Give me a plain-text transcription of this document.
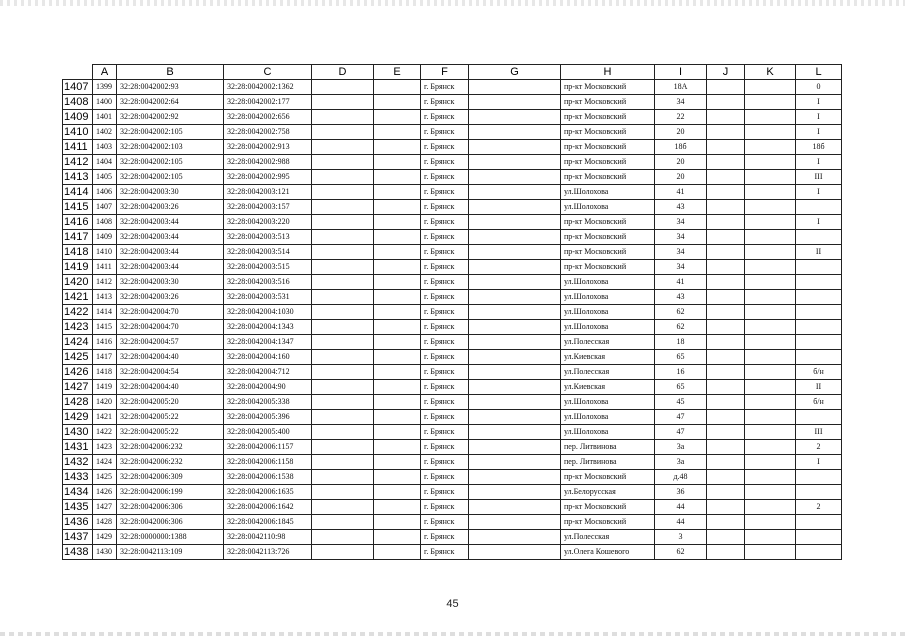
	A	B	C	D	E	F	G	H	I	J	K	L
1407	1399	32:28:0042002:93	32:28:0042002:1362			г. Брянск		пр-кт Московский	18А			0
1408	1400	32:28:0042002:64	32:28:0042002:177			г. Брянск		пр-кт Московский	34			I
1409	1401	32:28:0042002:92	32:28:0042002:656			г. Брянск		пр-кт Московский	22			I
1410	1402	32:28:0042002:105	32:28:0042002:758			г. Брянск		пр-кт Московский	20			I
1411	1403	32:28:0042002:103	32:28:0042002:913			г. Брянск		пр-кт Московский	18б			18б
1412	1404	32:28:0042002:105	32:28:0042002:988			г. Брянск		пр-кт Московский	20			I
1413	1405	32:28:0042002:105	32:28:0042002:995			г. Брянск		пр-кт Московский	20			III
1414	1406	32:28:0042003:30	32:28:0042003:121			г. Брянск		ул.Шолохова	41			I
1415	1407	32:28:0042003:26	32:28:0042003:157			г. Брянск		ул.Шолохова	43			
1416	1408	32:28:0042003:44	32:28:0042003:220			г. Брянск		пр-кт Московский	34			I
1417	1409	32:28:0042003:44	32:28:0042003:513			г. Брянск		пр-кт Московский	34			
1418	1410	32:28:0042003:44	32:28:0042003:514			г. Брянск		пр-кт Московский	34			II
1419	1411	32:28:0042003:44	32:28:0042003:515			г. Брянск		пр-кт Московский	34			
1420	1412	32:28:0042003:30	32:28:0042003:516			г. Брянск		ул.Шолохова	41			
1421	1413	32:28:0042003:26	32:28:0042003:531			г. Брянск		ул.Шолохова	43			
1422	1414	32:28:0042004:70	32:28:0042004:1030			г. Брянск		ул.Шолохова	62			
1423	1415	32:28:0042004:70	32:28:0042004:1343			г. Брянск		ул.Шолохова	62			
1424	1416	32:28:0042004:57	32:28:0042004:1347			г. Брянск		ул.Полесская	18			
1425	1417	32:28:0042004:40	32:28:0042004:160			г. Брянск		ул.Киевская	65			
1426	1418	32:28:0042004:54	32:28:0042004:712			г. Брянск		ул.Полесская	16			б/н
1427	1419	32:28:0042004:40	32:28:0042004:90			г. Брянск		ул.Киевская	65			II
1428	1420	32:28:0042005:20	32:28:0042005:338			г. Брянск		ул.Шолохова	45			б/н
1429	1421	32:28:0042005:22	32:28:0042005:396			г. Брянск		ул.Шолохова	47			
1430	1422	32:28:0042005:22	32:28:0042005:400			г. Брянск		ул.Шолохова	47			III
1431	1423	32:28:0042006:232	32:28:0042006:1157			г. Брянск		пер. Литвинова	3а			2
1432	1424	32:28:0042006:232	32:28:0042006:1158			г. Брянск		пер. Литвинова	3а			I
1433	1425	32:28:0042006:309	32:28:0042006:1538			г. Брянск		пр-кт Московский	д.48			
1434	1426	32:28:0042006:199	32:28:0042006:1635			г. Брянск		ул.Белорусская	36			
1435	1427	32:28:0042006:306	32:28:0042006:1642			г. Брянск		пр-кт Московский	44			2
1436	1428	32:28:0042006:306	32:28:0042006:1845			г. Брянск		пр-кт Московский	44			
1437	1429	32:28:0000000:1388	32:28:0042110:98			г. Брянск		ул.Полесская	3			
1438	1430	32:28:0042113:109	32:28:0042113:726			г. Брянск		ул.Олега Кошевого	62			
45
